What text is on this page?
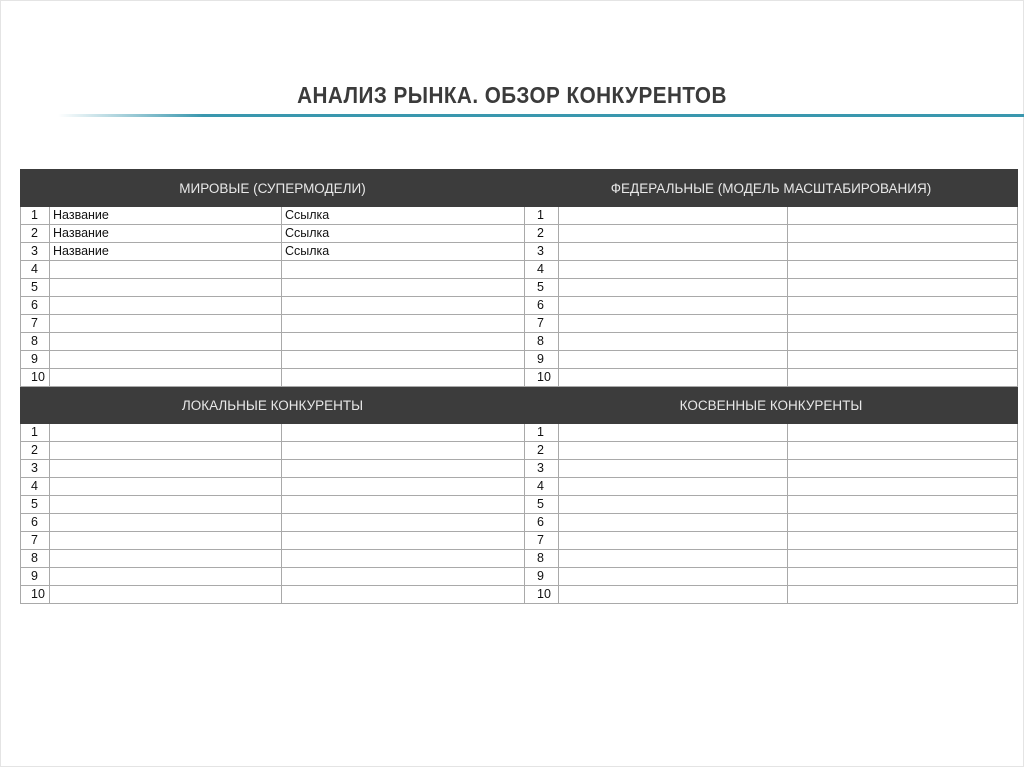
АНАЛИЗ РЫНКА. ОБЗОР КОНКУРЕНТОВ
МИРОВЫЕ (СУПЕРМОДЕЛИ)			ФЕДЕРАЛЬНЫЕ (МОДЕЛЬ МАСШТАБИРОВАНИЯ)		
1	Название	Ссылка	1		
2	Название	Ссылка	2		
3	Название	Ссылка	3		
4			4		
5			5		
6			6		
7			7		
8			8		
9			9		
10			10		
ЛОКАЛЬНЫЕ КОНКУРЕНТЫ			КОСВЕННЫЕ КОНКУРЕНТЫ		
1			1		
2			2		
3			3		
4			4		
5			5		
6			6		
7			7		
8			8		
9			9		
10			10		
